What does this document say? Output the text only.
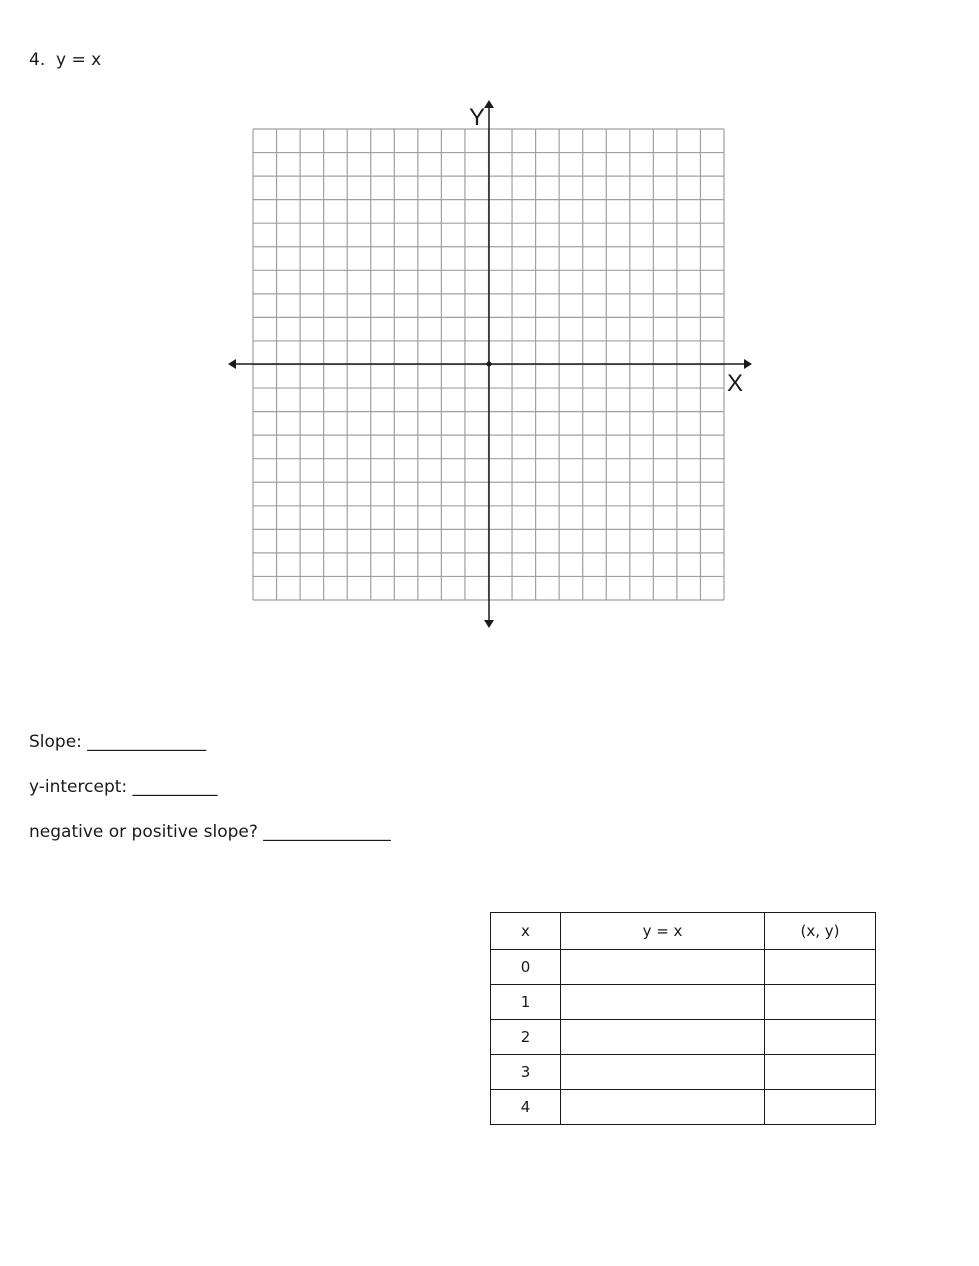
4.  y = x
Y
X
Slope: ______________
y-intercept: __________
negative or positive slope? _______________
x	y = x	(x, y)
0		
1		
2		
3		
4		
